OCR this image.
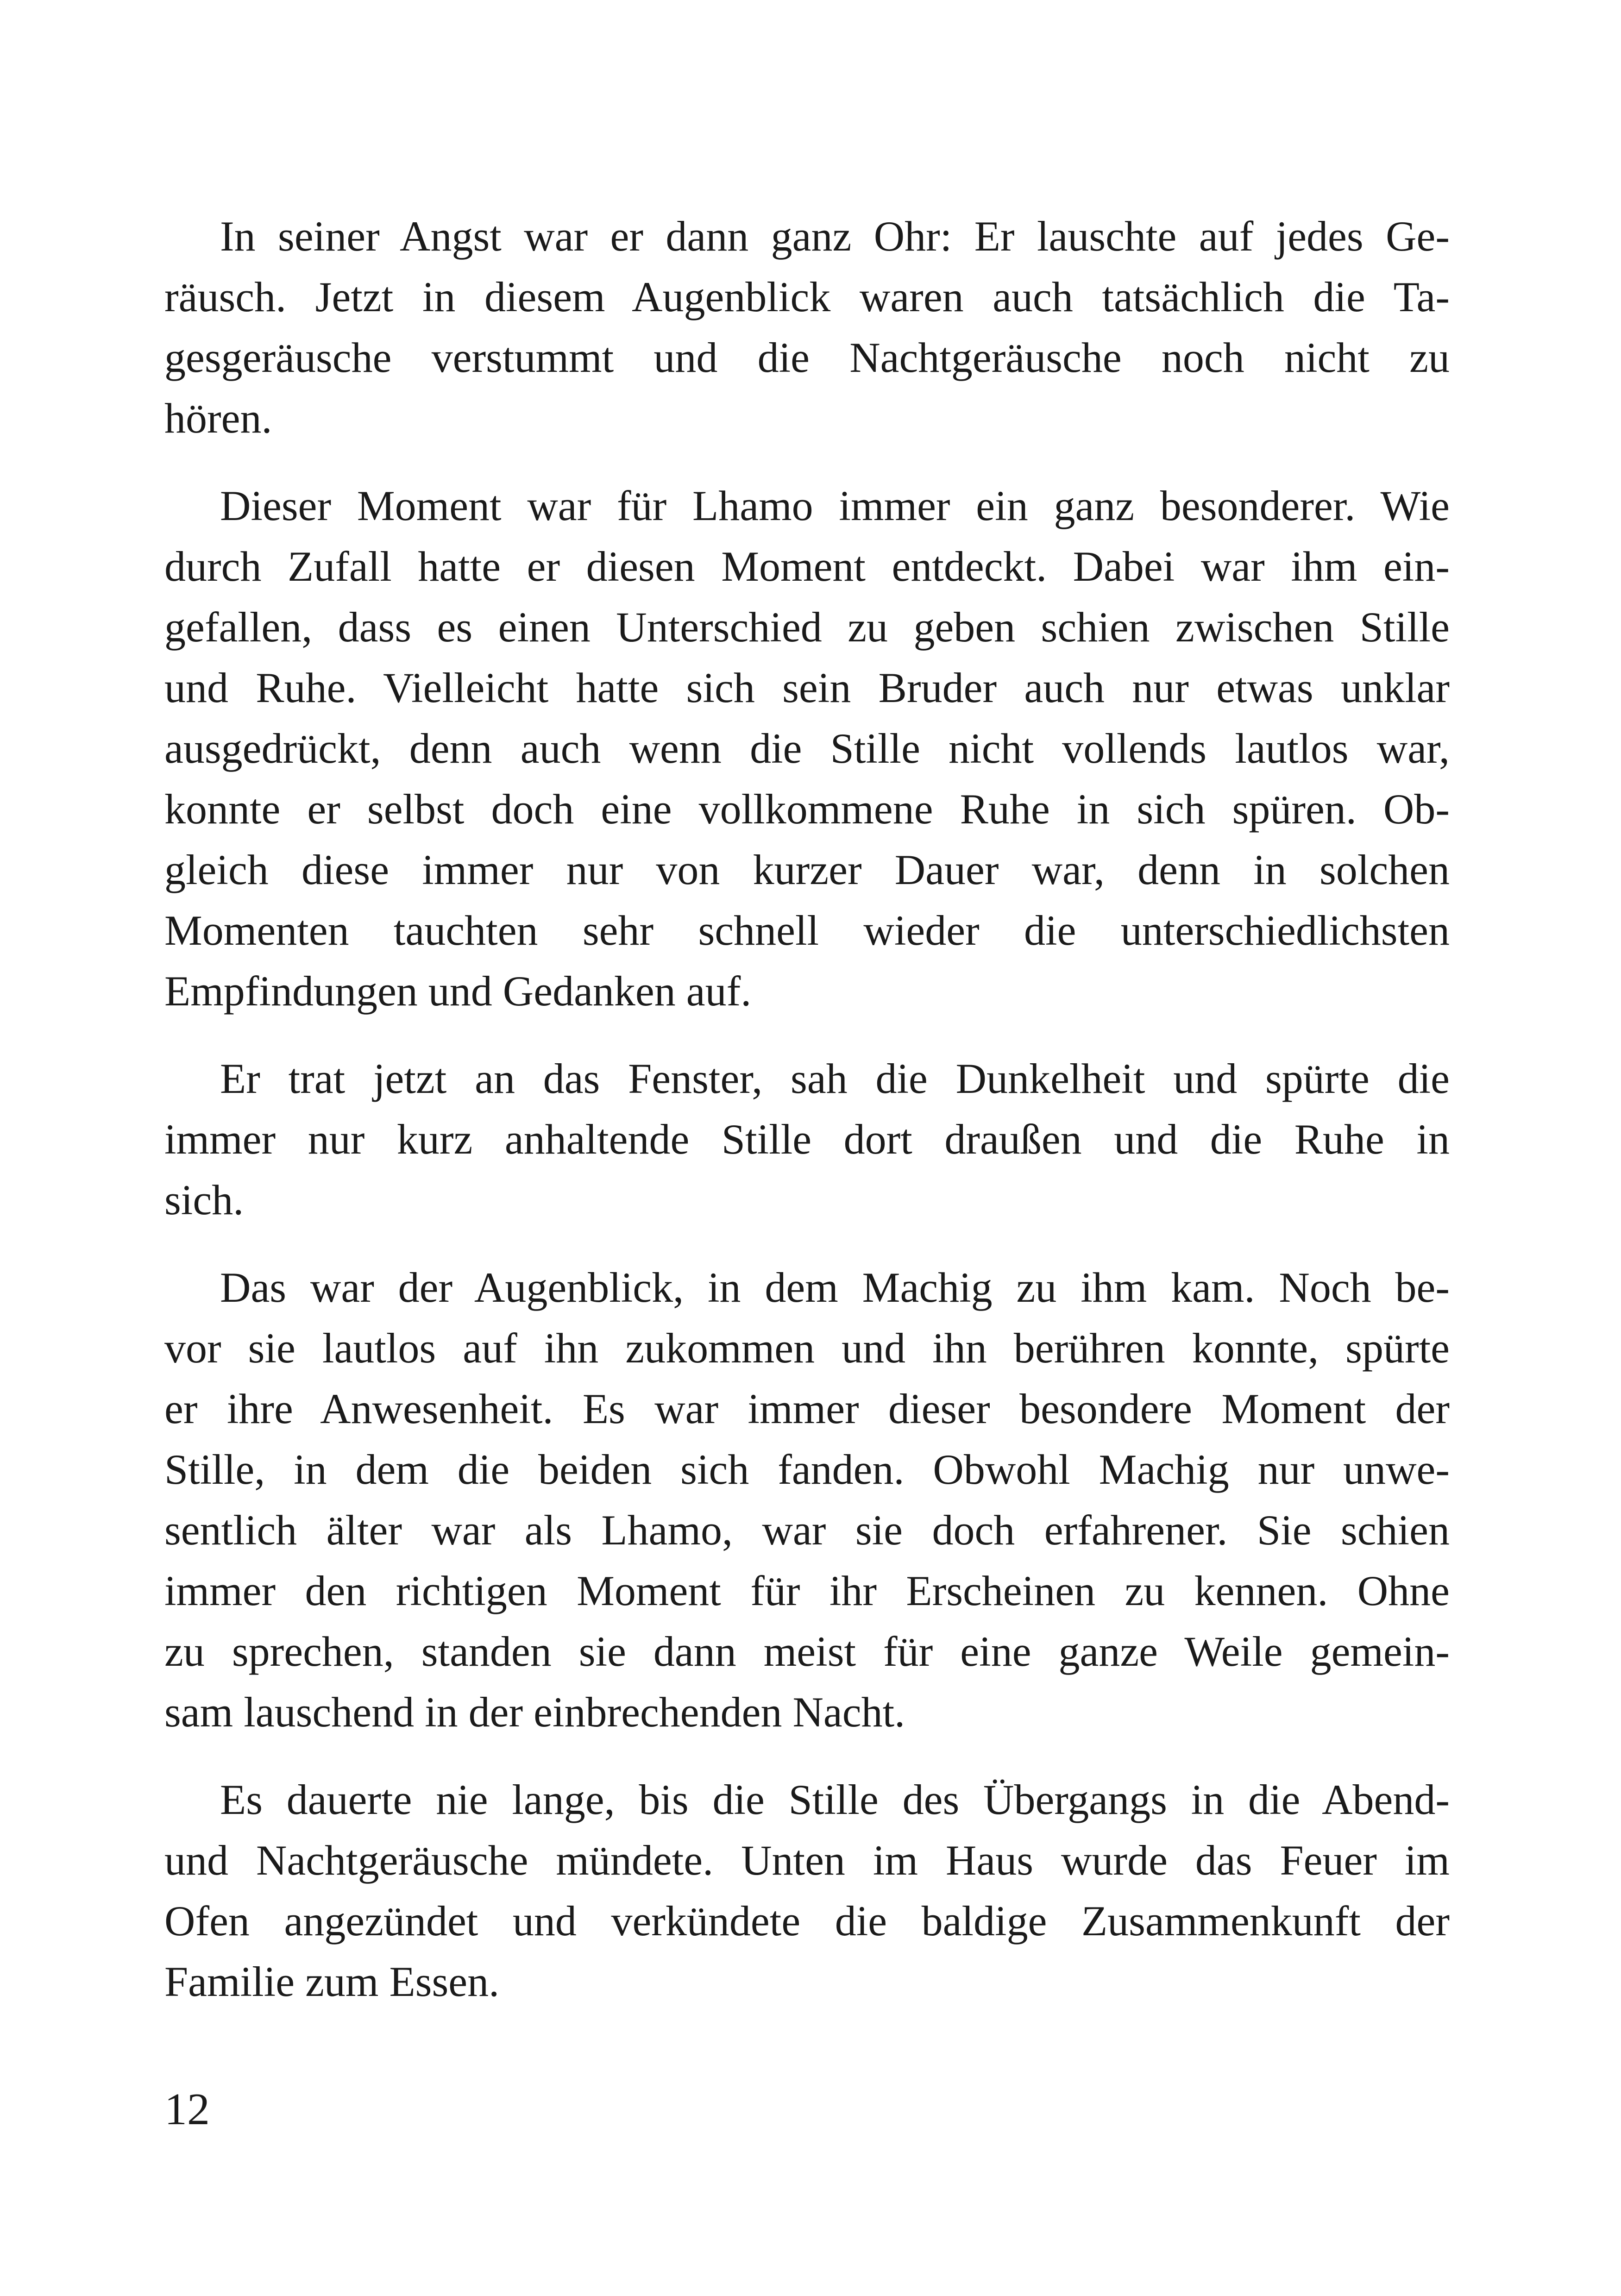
In seiner Angst war er dann ganz Ohr: Er lauschte auf jedes Ge-
räusch. Jetzt in diesem Augenblick waren auch tatsächlich die Ta-
gesgeräusche verstummt und die Nachtgeräusche noch nicht zu
hören.
Dieser Moment war für Lhamo immer ein ganz besonderer. Wie
durch Zufall hatte er diesen Moment entdeckt. Dabei war ihm ein-
gefallen, dass es einen Unterschied zu geben schien zwischen Stille
und Ruhe. Vielleicht hatte sich sein Bruder auch nur etwas unklar
ausgedrückt, denn auch wenn die Stille nicht vollends lautlos war,
konnte er selbst doch eine vollkommene Ruhe in sich spüren. Ob-
gleich diese immer nur von kurzer Dauer war, denn in solchen
Momenten tauchten sehr schnell wieder die unterschiedlichsten
Empfindungen und Gedanken auf.
Er trat jetzt an das Fenster, sah die Dunkelheit und spürte die
immer nur kurz anhaltende Stille dort draußen und die Ruhe in
sich.
Das war der Augenblick, in dem Machig zu ihm kam. Noch be-
vor sie lautlos auf ihn zukommen und ihn berühren konnte, spürte
er ihre Anwesenheit. Es war immer dieser besondere Moment der
Stille, in dem die beiden sich fanden. Obwohl Machig nur unwe-
sentlich älter war als Lhamo, war sie doch erfahrener. Sie schien
immer den richtigen Moment für ihr Erscheinen zu kennen. Ohne
zu sprechen, standen sie dann meist für eine ganze Weile gemein-
sam lauschend in der einbrechenden Nacht.
Es dauerte nie lange, bis die Stille des Übergangs in die Abend-
und Nachtgeräusche mündete. Unten im Haus wurde das Feuer im
Ofen angezündet und verkündete die baldige Zusammenkunft der
Familie zum Essen.
12
